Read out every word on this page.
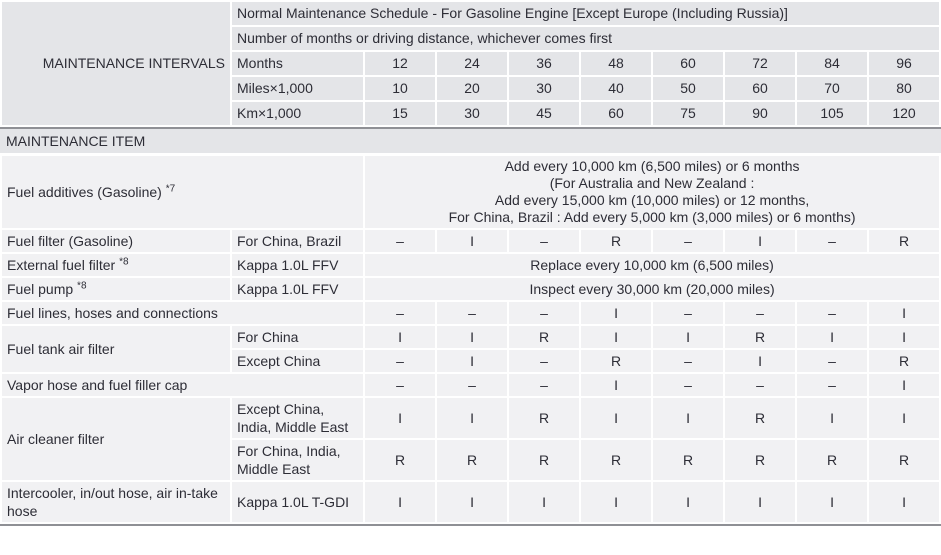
MAINTENANCE INTERVALS	Normal Maintenance Schedule - For Gasoline Engine [Except Europe (Including Russia)]								
	Number of months or driving distance, whichever comes first								
	Months	12	24	36	48	60	72	84	96
	Miles×1,000	10	20	30	40	50	60	70	80
	Km×1,000	15	30	45	60	75	90	105	120
MAINTENANCE ITEM
Fuel additives (Gasoline) $^{*7}$		Add every 10,000 km (6,500 miles) or 6 months
(For Australia and New Zealand :
Add every 15,000 km (10,000 miles) or 12 months,
For China, Brazil : Add every 5,000 km (3,000 miles) or 6 months)							

Fuel filter (Gasoline)	For China, Brazil	–	I	–	R	–	I	–	R
External fuel filter $^{*8}$	Kappa 1.0L FFV	Replace every 10,000 km (6,500 miles)							

Fuel pump $^{*8}$	Kappa 1.0L FFV	Inspect every 30,000 km (20,000 miles)							

Fuel lines, hoses and connections		–	–	–	I	–	–	–	I
Fuel tank air filter	For China	I	I	R	I	I	R	I	I
	Except China	–	I	–	R	–	I	–	R
Vapor hose and fuel filler cap		–	–	–	I	–	–	–	I
Air cleaner filter	Except China, India, Middle East	I	I	R	I	I	R	I	I
	For China, India, Middle East	R	R	R	R	R	R	R	R
Intercooler, in/out hose, air in-take hose	Kappa 1.0L T-GDI	I	I	I	I	I	I	I	I
